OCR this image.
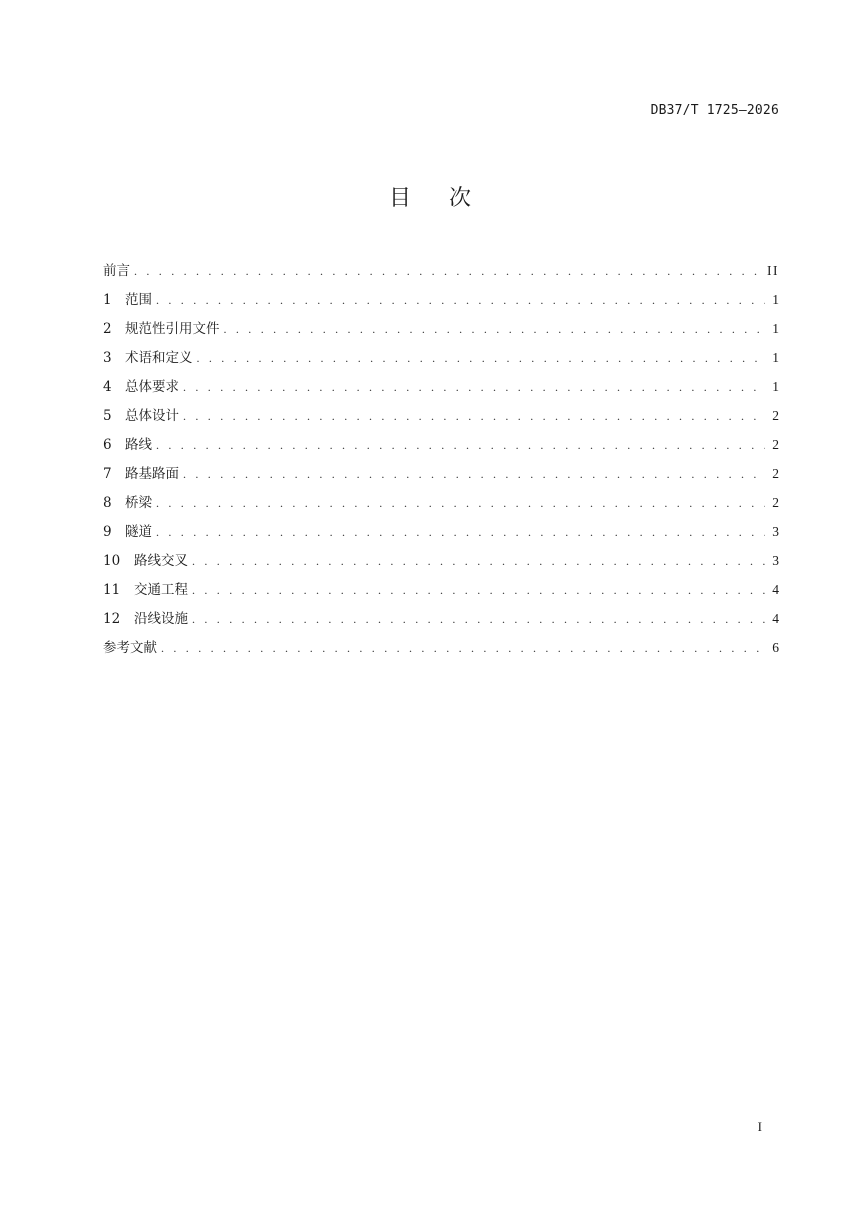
DB37/T 1725—2026
目 次
前言 . . .	II
1 范围 . . .	1
2 规范性引用文件 . . .	1
3 术语和定义 . . .	1
4 总体要求 . . .	1
5 总体设计 . . .	2
6 路线 . . .	2
7 路基路面 . . .	2
8 桥梁 . . .	2
9 隧道 . . .	3
10	路线交叉 . . .	3
11	交通工程 . . .	4
12	沿线设施 . . .	4
参考文献 . . .	6
I
